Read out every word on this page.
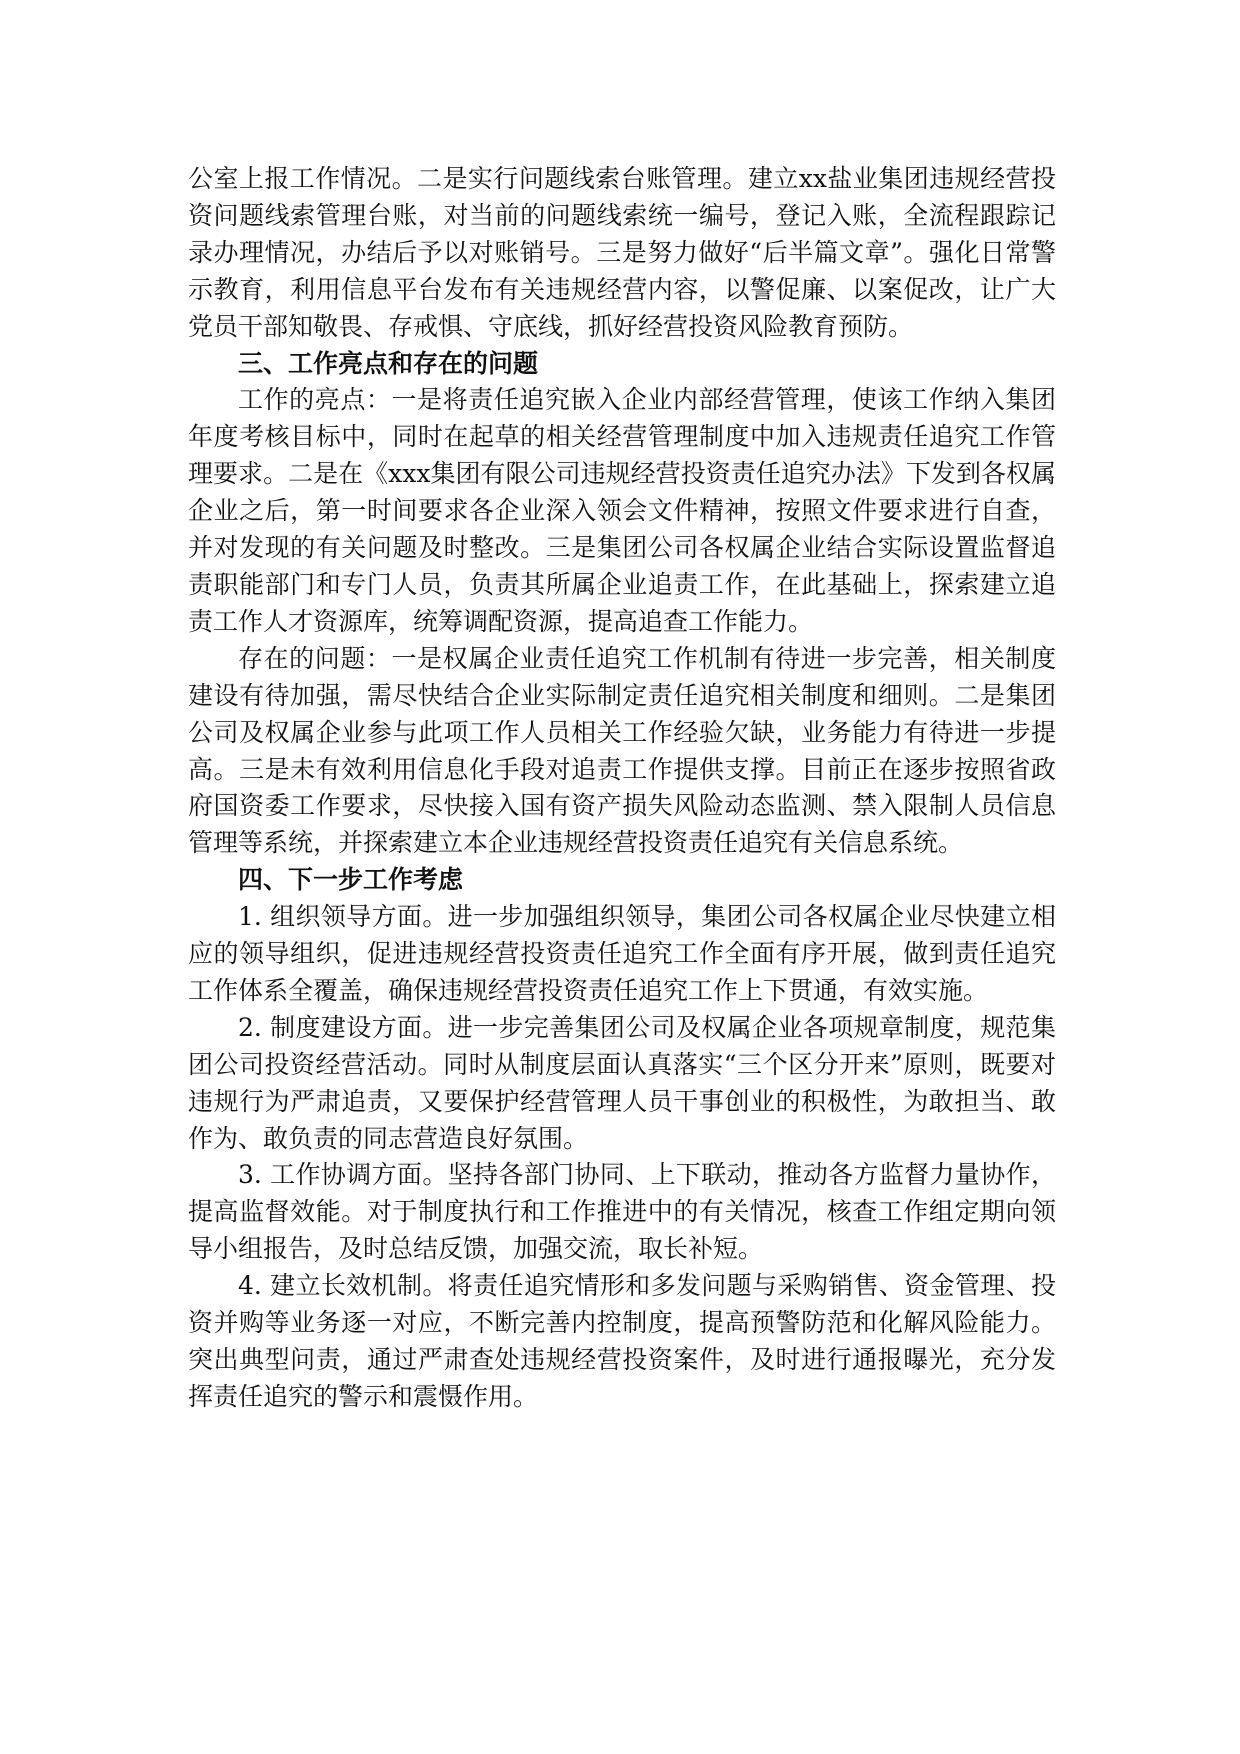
公室上报工作情况。二是实行问题线索台账管理。建立xx盐业集团违规经营投资问题线索管理台账，对当前的问题线索统一编号，登记入账，全流程跟踪记录办理情况，办结后予以对账销号。三是努力做好“后半篇文章”。强化日常警示教育，利用信息平台发布有关违规经营内容，以警促廉、以案促改，让广大党员干部知敬畏、存戒惧、守底线，抓好经营投资风险教育预防。

三、工作亮点和存在的问题

工作的亮点：一是将责任追究嵌入企业内部经营管理，使该工作纳入集团年度考核目标中，同时在起草的相关经营管理制度中加入违规责任追究工作管理要求。二是在《xxx集团有限公司违规经营投资责任追究办法》下发到各权属企业之后，第一时间要求各企业深入领会文件精神，按照文件要求进行自查，并对发现的有关问题及时整改。三是集团公司各权属企业结合实际设置监督追责职能部门和专门人员，负责其所属企业追责工作，在此基础上，探索建立追责工作人才资源库，统筹调配资源，提高追查工作能力。

存在的问题：一是权属企业责任追究工作机制有待进一步完善，相关制度建设有待加强，需尽快结合企业实际制定责任追究相关制度和细则。二是集团公司及权属企业参与此项工作人员相关工作经验欠缺，业务能力有待进一步提高。三是未有效利用信息化手段对追责工作提供支撑。目前正在逐步按照省政府国资委工作要求，尽快接入国有资产损失风险动态监测、禁入限制人员信息管理等系统，并探索建立本企业违规经营投资责任追究有关信息系统。

四、下一步工作考虑

1. 组织领导方面。进一步加强组织领导，集团公司各权属企业尽快建立相应的领导组织，促进违规经营投资责任追究工作全面有序开展，做到责任追究工作体系全覆盖，确保违规经营投资责任追究工作上下贯通，有效实施。

2. 制度建设方面。进一步完善集团公司及权属企业各项规章制度，规范集团公司投资经营活动。同时从制度层面认真落实“三个区分开来”原则，既要对违规行为严肃追责，又要保护经营管理人员干事创业的积极性，为敢担当、敢作为、敢负责的同志营造良好氛围。

3. 工作协调方面。坚持各部门协同、上下联动，推动各方监督力量协作，提高监督效能。对于制度执行和工作推进中的有关情况，核查工作组定期向领导小组报告，及时总结反馈，加强交流，取长补短。

4. 建立长效机制。将责任追究情形和多发问题与采购销售、资金管理、投资并购等业务逐一对应，不断完善内控制度，提高预警防范和化解风险能力。突出典型问责，通过严肃查处违规经营投资案件，及时进行通报曝光，充分发挥责任追究的警示和震慑作用。
